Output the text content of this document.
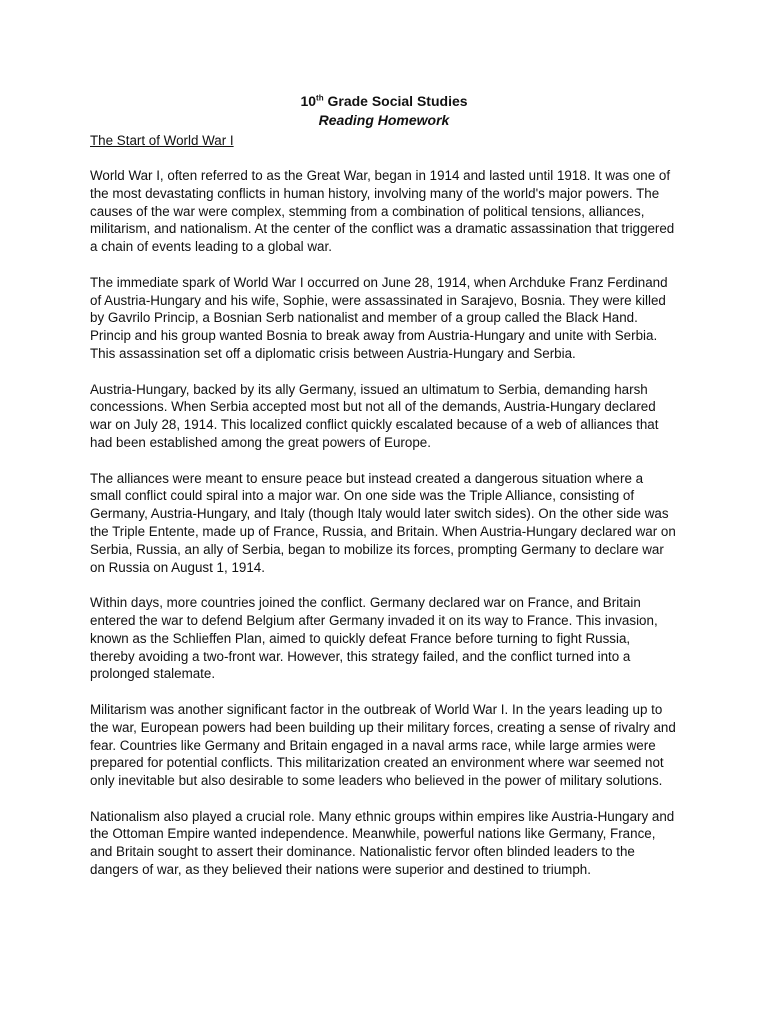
10th Grade Social Studies
Reading Homework
The Start of World War I

World War I, often referred to as the Great War, began in 1914 and lasted until 1918. It was one of the most devastating conflicts in human history, involving many of the world's major powers. The causes of the war were complex, stemming from a combination of political tensions, alliances, militarism, and nationalism. At the center of the conflict was a dramatic assassination that triggered a chain of events leading to a global war.

The immediate spark of World War I occurred on June 28, 1914, when Archduke Franz Ferdinand of Austria-Hungary and his wife, Sophie, were assassinated in Sarajevo, Bosnia. They were killed by Gavrilo Princip, a Bosnian Serb nationalist and member of a group called the Black Hand. Princip and his group wanted Bosnia to break away from Austria-Hungary and unite with Serbia. This assassination set off a diplomatic crisis between Austria-Hungary and Serbia.

Austria-Hungary, backed by its ally Germany, issued an ultimatum to Serbia, demanding harsh concessions. When Serbia accepted most but not all of the demands, Austria-Hungary declared war on July 28, 1914. This localized conflict quickly escalated because of a web of alliances that had been established among the great powers of Europe.

The alliances were meant to ensure peace but instead created a dangerous situation where a small conflict could spiral into a major war. On one side was the Triple Alliance, consisting of Germany, Austria-Hungary, and Italy (though Italy would later switch sides). On the other side was the Triple Entente, made up of France, Russia, and Britain. When Austria-Hungary declared war on Serbia, Russia, an ally of Serbia, began to mobilize its forces, prompting Germany to declare war on Russia on August 1, 1914.

Within days, more countries joined the conflict. Germany declared war on France, and Britain entered the war to defend Belgium after Germany invaded it on its way to France. This invasion, known as the Schlieffen Plan, aimed to quickly defeat France before turning to fight Russia, thereby avoiding a two-front war. However, this strategy failed, and the conflict turned into a prolonged stalemate.

Militarism was another significant factor in the outbreak of World War I. In the years leading up to the war, European powers had been building up their military forces, creating a sense of rivalry and fear. Countries like Germany and Britain engaged in a naval arms race, while large armies were prepared for potential conflicts. This militarization created an environment where war seemed not only inevitable but also desirable to some leaders who believed in the power of military solutions.

Nationalism also played a crucial role. Many ethnic groups within empires like Austria-Hungary and the Ottoman Empire wanted independence. Meanwhile, powerful nations like Germany, France, and Britain sought to assert their dominance. Nationalistic fervor often blinded leaders to the dangers of war, as they believed their nations were superior and destined to triumph.
